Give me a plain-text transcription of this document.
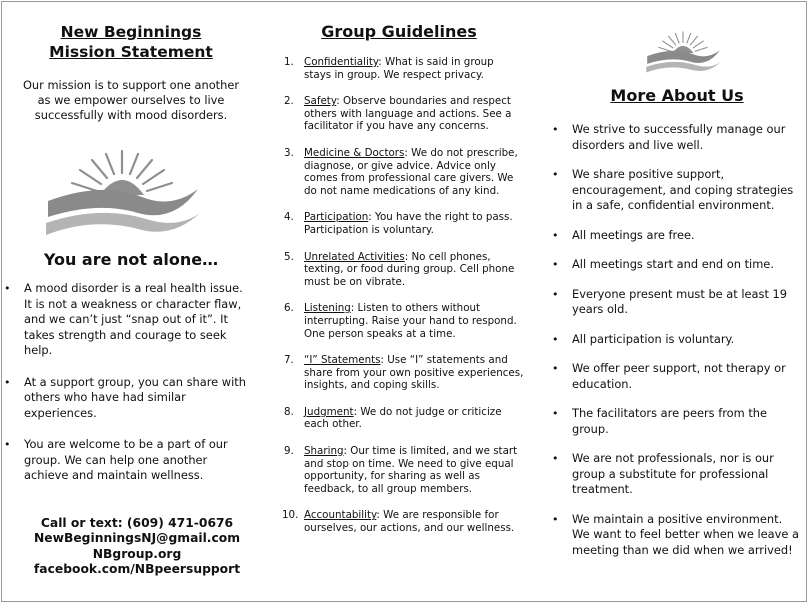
New Beginnings
Mission Statement
Our mission is to support one another as we empower ourselves to live successfully with mood disorders.
You are not alone…
• A mood disorder is a real health issue. It is not a weakness or character flaw, and we can’t just “snap out of it”. It takes strength and courage to seek help.
• At a support group, you can share with others who have had similar experiences.
• You are welcome to be a part of our group. We can help one another achieve and maintain wellness.
Call or text: (609) 471-0676
NewBeginningsNJ@gmail.com
NBgroup.org
facebook.com/NBpeersupport
Group Guidelines
1. Confidentiality: What is said in group stays in group. We respect privacy.
2. Safety: Observe boundaries and respect others with language and actions. See a facilitator if you have any concerns.
3. Medicine & Doctors: We do not prescribe, diagnose, or give advice. Advice only comes from professional care givers. We do not name medications of any kind.
4. Participation: You have the right to pass. Participation is voluntary.
5. Unrelated Activities: No cell phones, texting, or food during group. Cell phone must be on vibrate.
6. Listening: Listen to others without interrupting. Raise your hand to respond. One person speaks at a time.
7. “I” Statements: Use “I” statements and share from your own positive experiences, insights, and coping skills.
8. Judgment: We do not judge or criticize each other.
9. Sharing: Our time is limited, and we start and stop on time. We need to give equal opportunity, for sharing as well as feedback, to all group members.
10. Accountability: We are responsible for ourselves, our actions, and our wellness.
More About Us
• We strive to successfully manage our disorders and live well.
• We share positive support, encouragement, and coping strategies in a safe, confidential environment.
• All meetings are free.
• All meetings start and end on time.
• Everyone present must be at least 19 years old.
• All participation is voluntary.
• We offer peer support, not therapy or education.
• The facilitators are peers from the group.
• We are not professionals, nor is our group a substitute for professional treatment.
• We maintain a positive environment. We want to feel better when we leave a meeting than we did when we arrived!
